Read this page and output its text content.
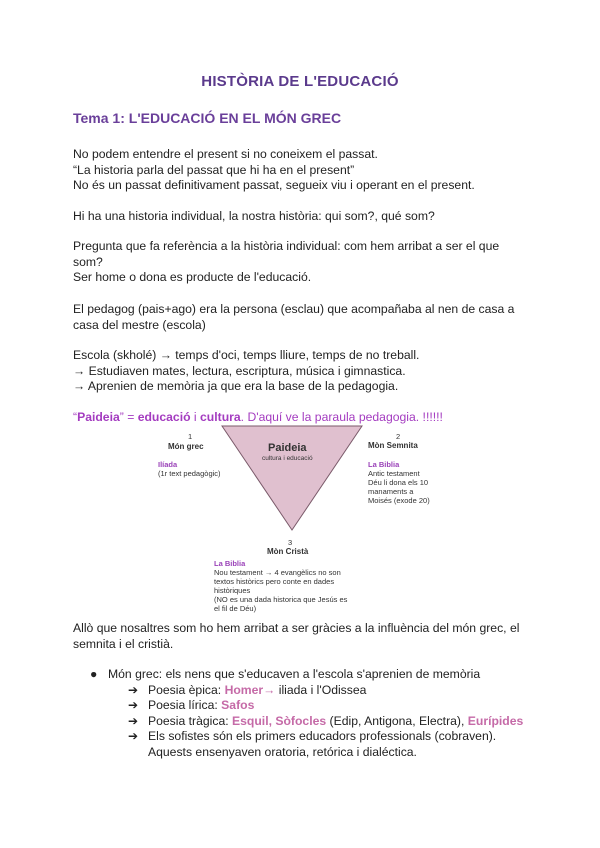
HISTÒRIA DE L'EDUCACIÓ
Tema 1: L'EDUCACIÓ EN EL MÓN GREC
No podem entendre el present si no coneixem el passat.
“La historia parla del passat que hi ha en el present”
No és un passat definitivament passat, segueix viu i operant en el present.
Hi ha una historia individual, la nostra història: qui som?, qué som?
Pregunta que fa referència a la història individual: com hem arribat a ser el que
som?
Ser home o dona es producte de l'educació.
El pedagog (pais+ago) era la persona (esclau) que acompañaba al nen de casa a
casa del mestre (escola)
Escola (skholé) → temps d'oci, temps lliure, temps de no treball.
→ Estudiaven mates, lectura, escriptura, música i gimnastica.
→ Aprenien de memòria ja que era la base de la pedagogia.
“Paideia” = educació i cultura. D'aquí ve la paraula pedagogia. !!!!!!
Paideia
cultura i educació
1
Món grec
Ilíada
(1r text pedagògic)
2
Mòn Semnita
La Biblia
Antic testament
Déu li dona els 10
manaments a
Moisés (exode 20)
3
Mòn Cristà
La Biblia
Nou testament → 4 evangèlics no son
textos històrics pero conte en dades
històriques
(NO es una dada historica que Jesús es
el fil de Déu)
Allò que nosaltres som ho hem arribat a ser gràcies a la influència del món grec, el
semnita i el cristià.
● Món grec: els nens que s'educaven a l'escola s'aprenien de memòria
➔ Poesia èpica: Homer→ iliada i l'Odissea
➔ Poesia lírica: Safos
➔ Poesia tràgica: Esquil, Sòfocles (Edip, Antigona, Electra), Eurípides
➔ Els sofistes són els primers educadors professionals (cobraven).
Aquests ensenyaven oratoria, retórica i dialéctica.
